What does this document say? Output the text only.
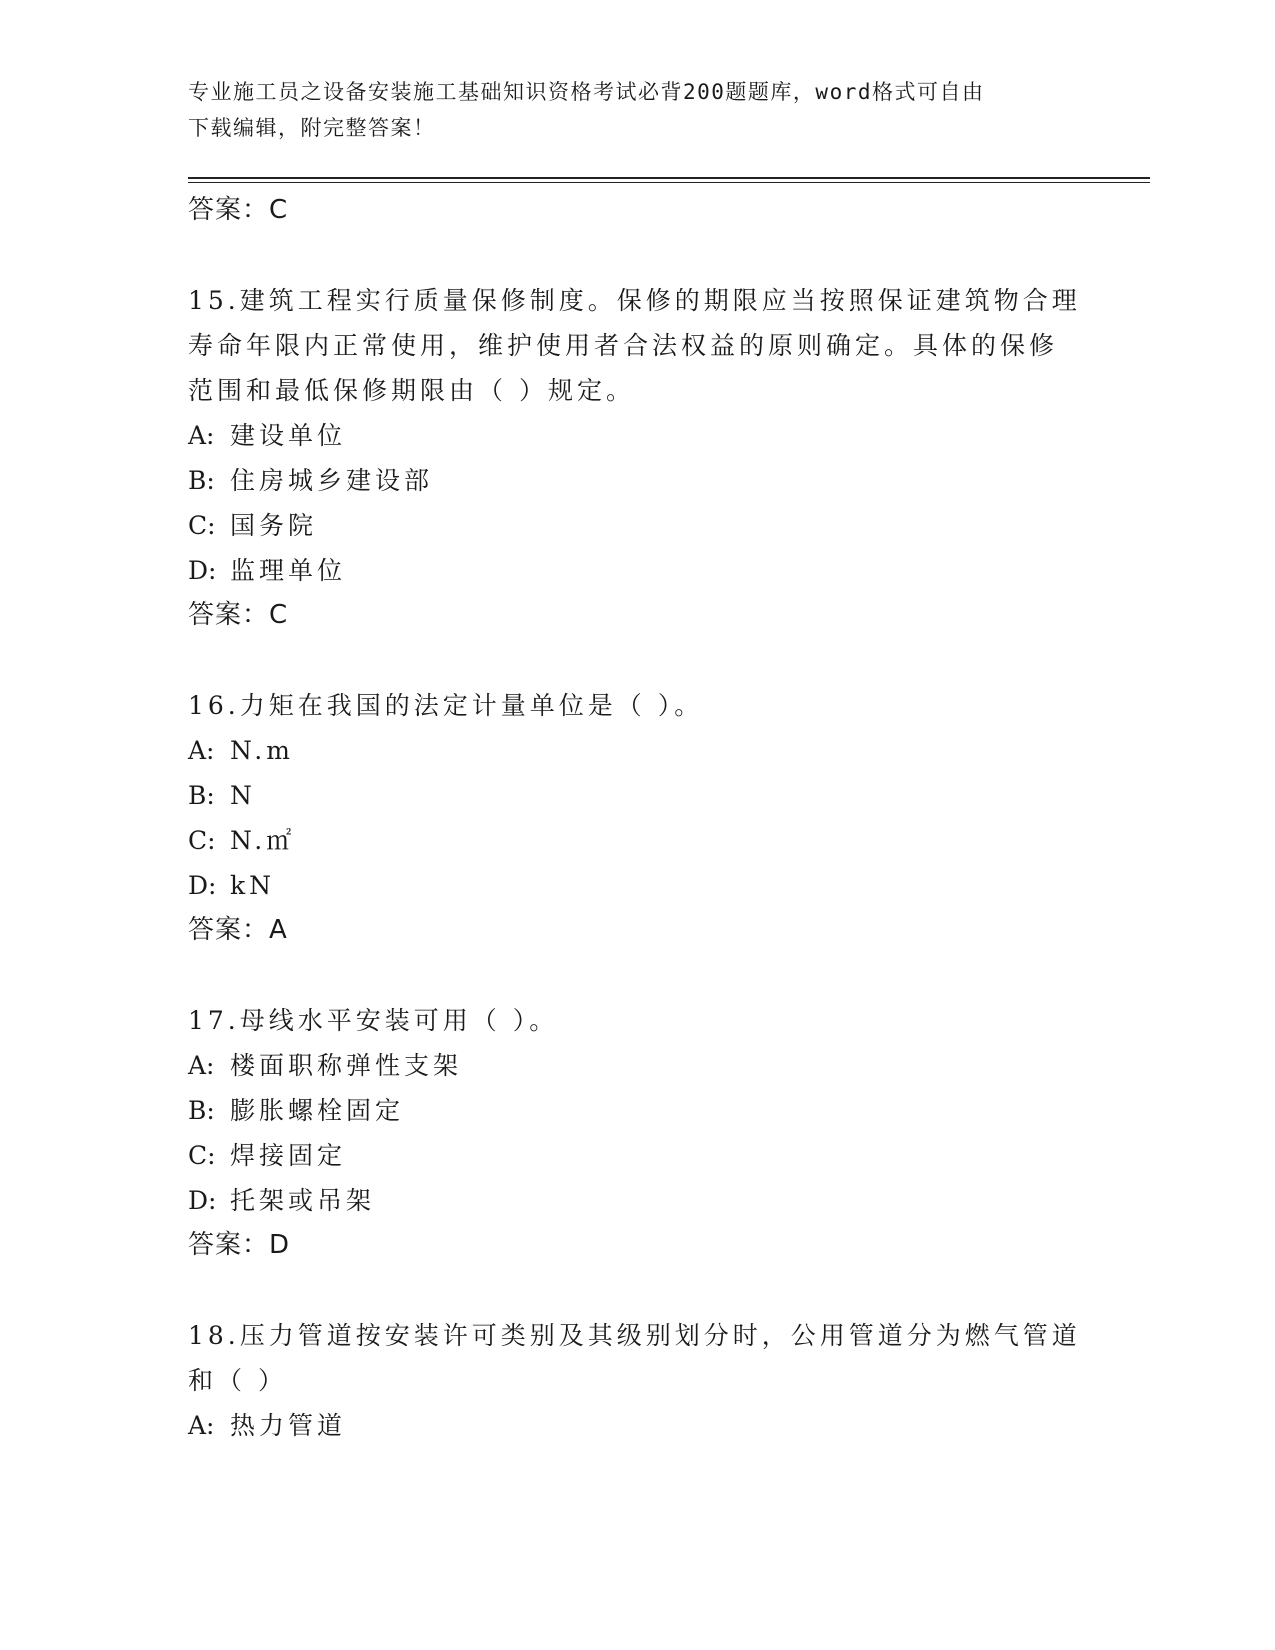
专业施工员之设备安装施工基础知识资格考试必背200题题库，word格式可自由
下载编辑，附完整答案！
答案：C
15.建筑工程实行质量保修制度。保修的期限应当按照保证建筑物合理
寿命年限内正常使用，维护使用者合法权益的原则确定。具体的保修
范围和最低保修期限由（ ）规定。
A: 建设单位
B: 住房城乡建设部
C: 国务院
D: 监理单位
答案：C
16.力矩在我国的法定计量单位是（ ）。
A: N.m
B: N
C: N.㎡
D: kN
答案：A
17.母线水平安装可用（ ）。
A: 楼面职称弹性支架
B: 膨胀螺栓固定
C: 焊接固定
D: 托架或吊架
答案：D
18.压力管道按安装许可类别及其级别划分时，公用管道分为燃气管道
和（ ）
A: 热力管道
